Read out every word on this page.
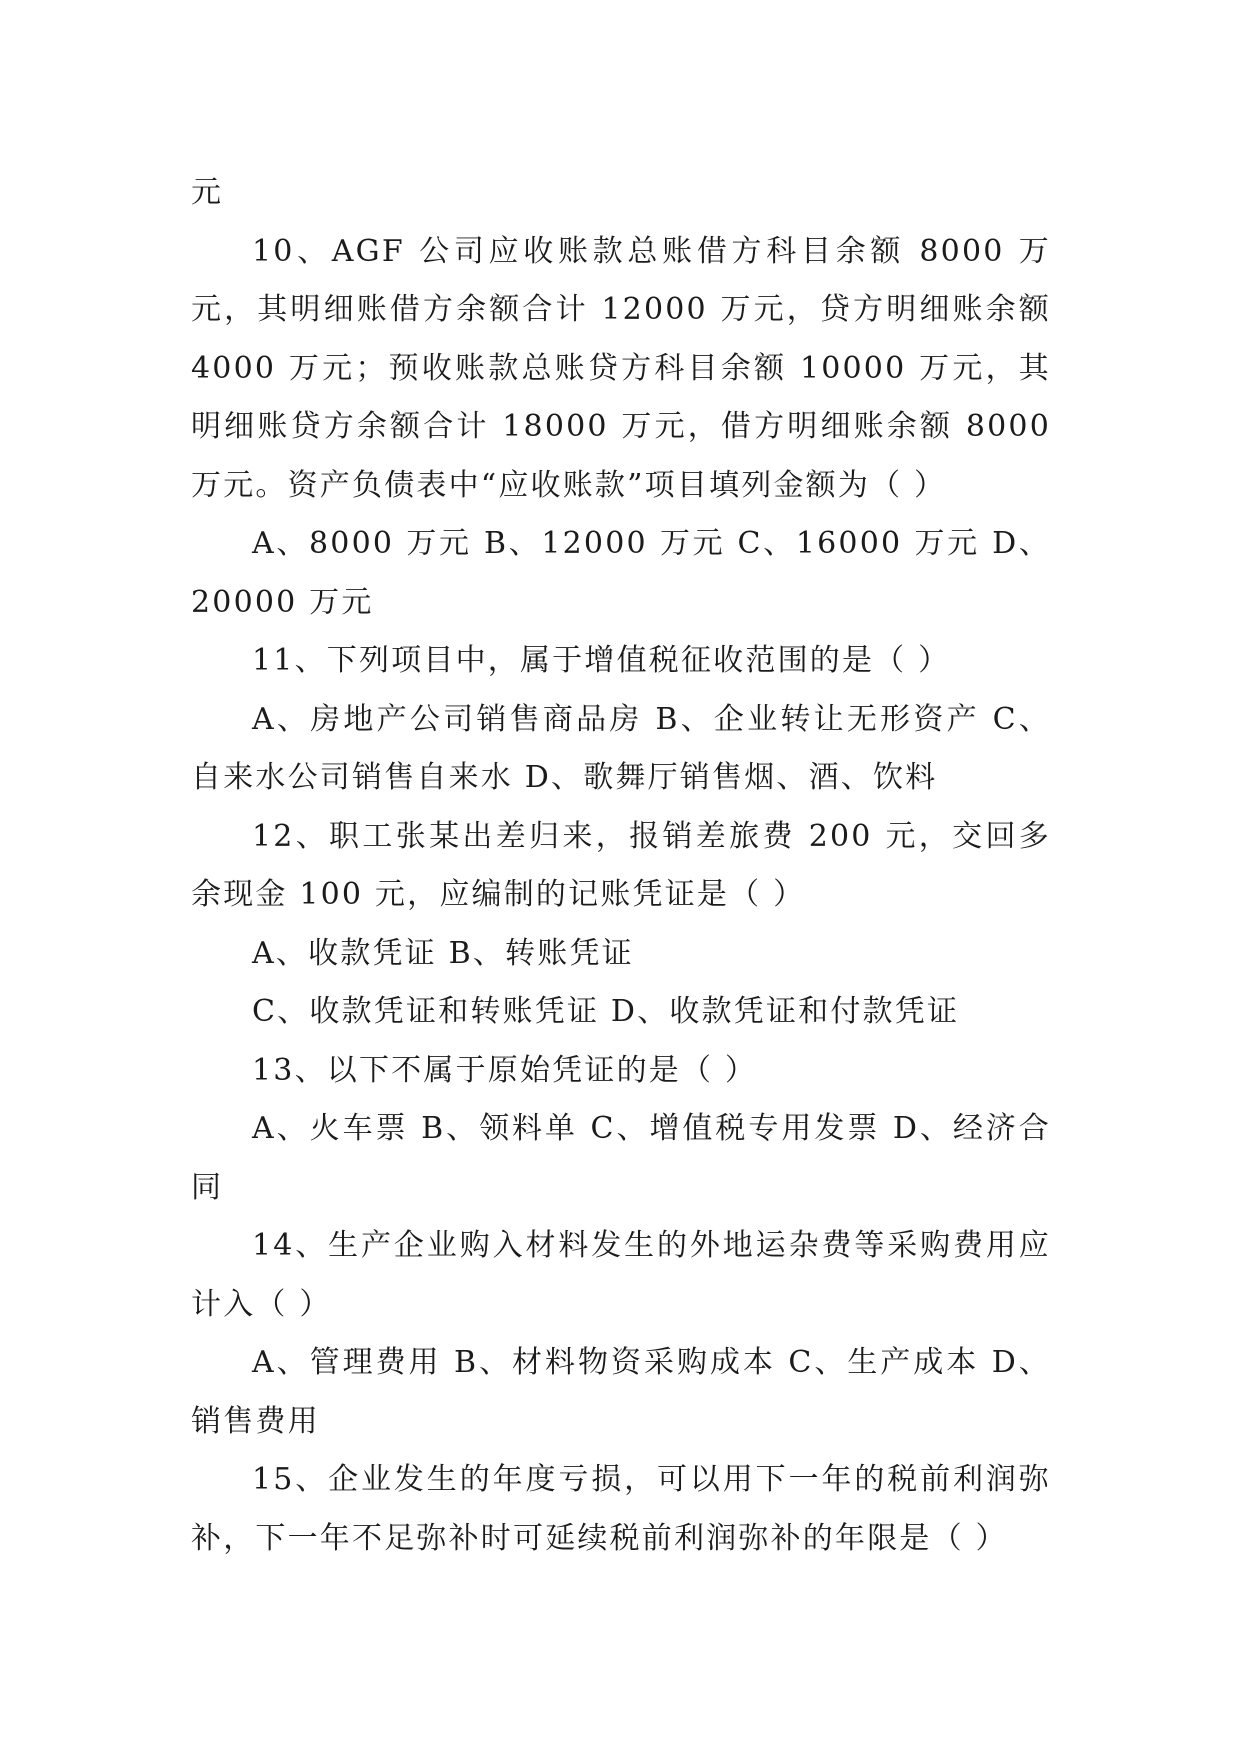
元

10、AGF 公司应收账款总账借方科目余额 8000 万元，其明细账借方余额合计 12000 万元，贷方明细账余额 4000 万元；预收账款总账贷方科目余额 10000 万元，其明细账贷方余额合计 18000 万元，借方明细账余额 8000 万元。资产负债表中“应收账款”项目填列金额为（ ）

A、8000 万元 B、12000 万元 C、16000 万元 D、20000 万元

11、下列项目中，属于增值税征收范围的是（ ）

A、房地产公司销售商品房 B、企业转让无形资产 C、自来水公司销售自来水 D、歌舞厅销售烟、酒、饮料

12、职工张某出差归来，报销差旅费 200 元，交回多余现金 100 元，应编制的记账凭证是（ ）

A、收款凭证 B、转账凭证

C、收款凭证和转账凭证 D、收款凭证和付款凭证

13、以下不属于原始凭证的是（ ）

A、火车票 B、领料单 C、增值税专用发票 D、经济合同

14、生产企业购入材料发生的外地运杂费等采购费用应计入（ ）

A、管理费用 B、材料物资采购成本 C、生产成本 D、销售费用

15、企业发生的年度亏损，可以用下一年的税前利润弥补，下一年不足弥补时可延续税前利润弥补的年限是（ ）
